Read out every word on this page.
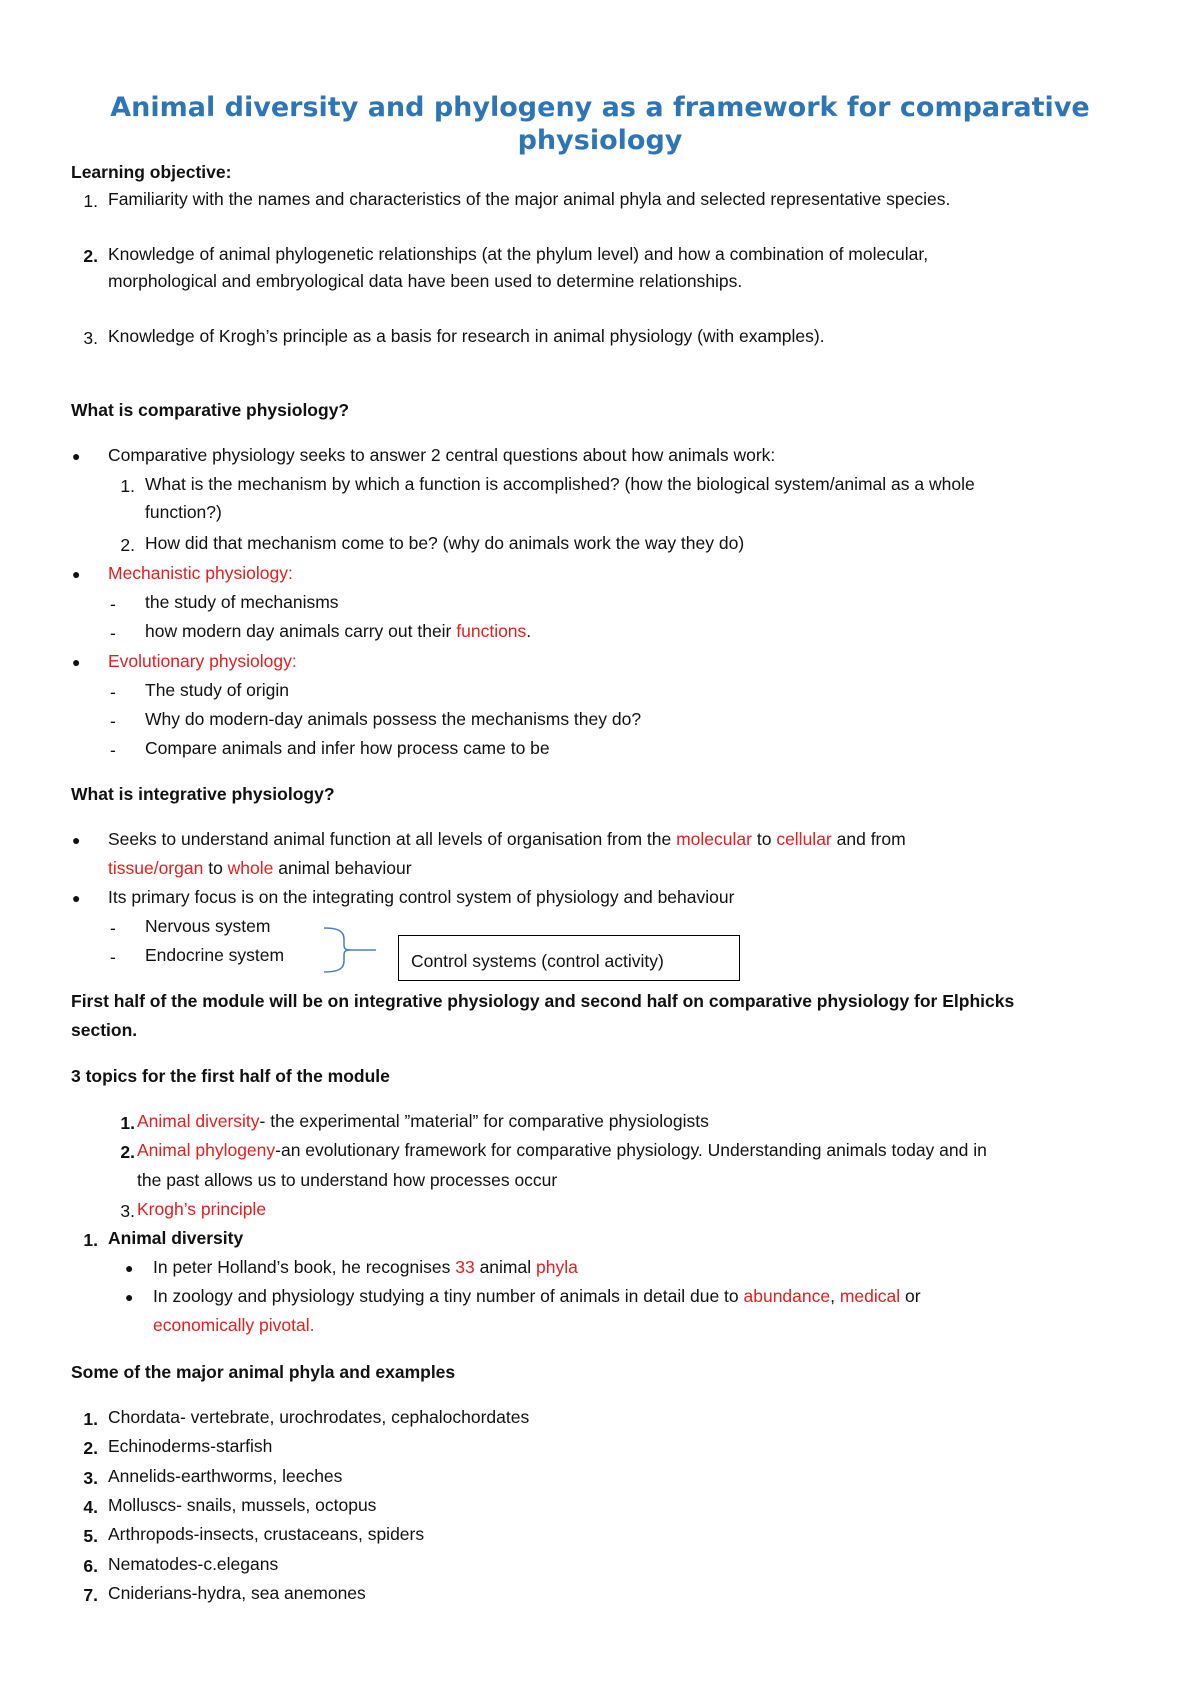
Animal diversity and phylogeny as a framework for comparative
physiology
Learning objective:
1. Familiarity with the names and characteristics of the major animal phyla and selected representative species.
2. Knowledge of animal phylogenetic relationships (at the phylum level) and how a combination of molecular,
morphological and embryological data have been used to determine relationships.
3. Knowledge of Krogh’s principle as a basis for research in animal physiology (with examples).
What is comparative physiology?
● Comparative physiology seeks to answer 2 central questions about how animals work:
1. What is the mechanism by which a function is accomplished? (how the biological system/animal as a whole
function?)
2. How did that mechanism come to be? (why do animals work the way they do)
● Mechanistic physiology:
- the study of mechanisms
- how modern day animals carry out their functions.
● Evolutionary physiology:
- The study of origin
- Why do modern-day animals possess the mechanisms they do?
- Compare animals and infer how process came to be
What is integrative physiology?
● Seeks to understand animal function at all levels of organisation from the molecular to cellular and from
tissue/organ to whole animal behaviour
● Its primary focus is on the integrating control system of physiology and behaviour
- Nervous system
- Endocrine system	Control systems (control activity)
First half of the module will be on integrative physiology and second half on comparative physiology for Elphicks
section.
3 topics for the first half of the module
1. Animal diversity- the experimental ”material” for comparative physiologists
2. Animal phylogeny-an evolutionary framework for comparative physiology. Understanding animals today and in
the past allows us to understand how processes occur
3. Krogh’s principle
1. Animal diversity
● In peter Holland’s book, he recognises 33 animal phyla
● In zoology and physiology studying a tiny number of animals in detail due to abundance, medical or
economically pivotal.
Some of the major animal phyla and examples
1. Chordata- vertebrate, urochrodates, cephalochordates
2. Echinoderms-starfish
3. Annelids-earthworms, leeches
4. Molluscs- snails, mussels, octopus
5. Arthropods-insects, crustaceans, spiders
6. Nematodes-c.elegans
7. Cniderians-hydra, sea anemones
